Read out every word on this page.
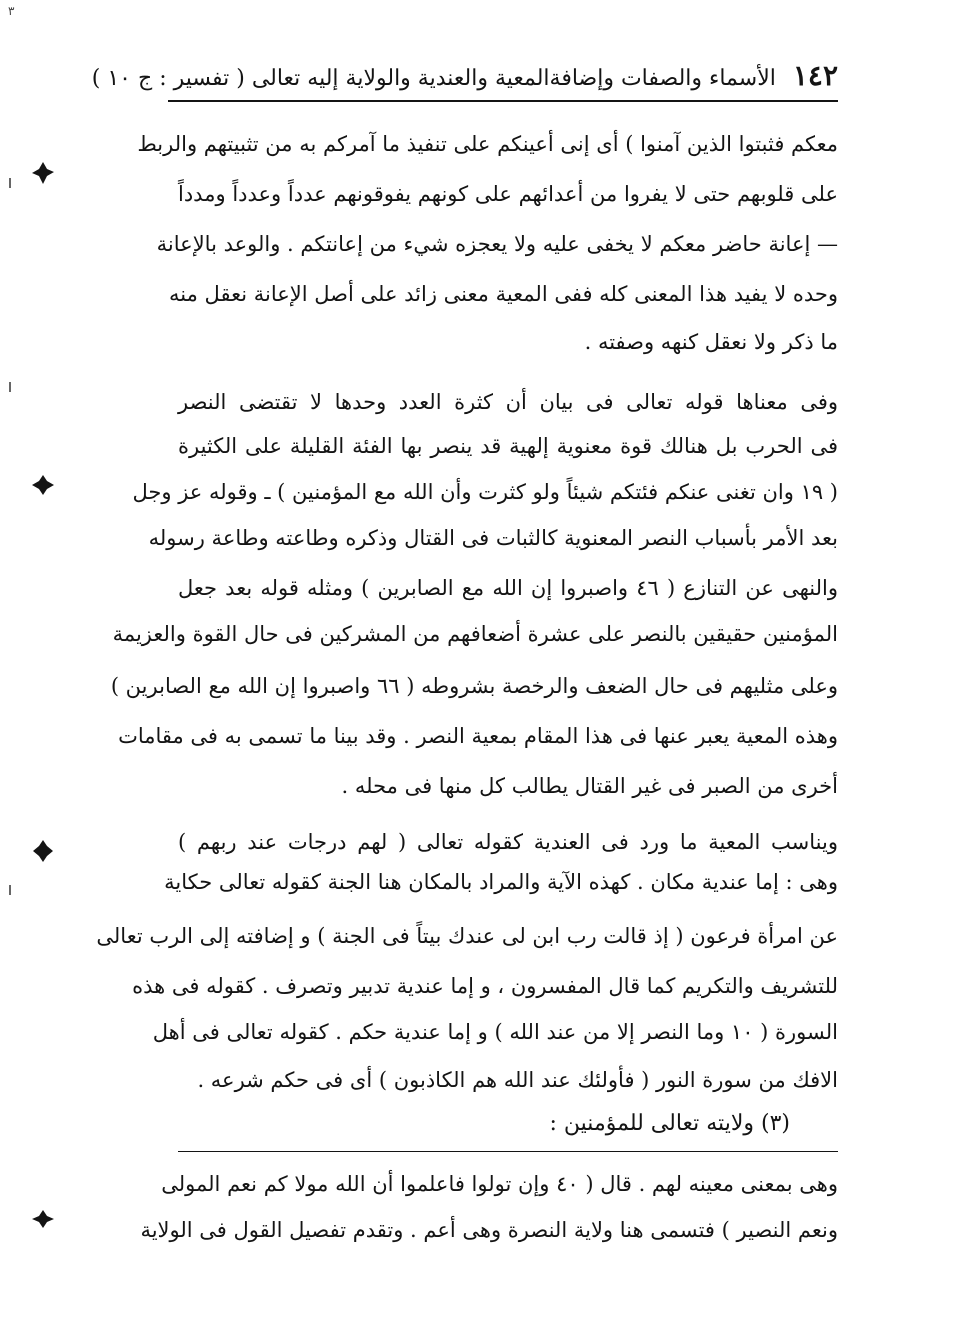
٣
١٤٢ الأسماء والصفات وإضافةالمعية والعندية والولاية إليه تعالى ( تفسير : ج ١٠ )
معكم فثبتوا الذين آمنوا ) أى إنى أعينكم على تنفيذ ما آمركم به من تثبيتهم والربط
على قلوبهم حتى لا يفروا من أعدائهم على كونهم يفوقونهم عدداً وعدداً ومدداً
— إعانة حاضر معكم لا يخفى عليه ولا يعجزه شيء من إعانتكم . والوعد بالإعانة
وحده لا يفيد هذا المعنى كله ففى المعية معنى زائد على أصل الإعانة نعقل منه
ما ذكر ولا نعقل كنهه وصفته .
وفى معناها قوله تعالى فى بيان أن كثرة العدد وحدها لا تقتضى النصر
فى الحرب بل هنالك قوة معنوية إلهية قد ينصر بها الفئة القليلة على الكثيرة
( ١٩ وان تغنى عنكم فئتكم شيئاً ولو كثرت وأن الله مع المؤمنين ) ـ وقوله عز وجل
بعد الأمر بأسباب النصر المعنوية كالثبات فى القتال وذكره وطاعته وطاعة رسوله
والنهى عن التنازع ( ٤٦ واصبروا إن الله مع الصابرين ) ومثله قوله بعد جعل
المؤمنين حقيقين بالنصر على عشرة أضعافهم من المشركين فى حال القوة والعزيمة
وعلى مثليهم فى حال الضعف والرخصة بشروطه ( ٦٦ واصبروا إن الله مع الصابرين )
وهذه المعية يعبر عنها فى هذا المقام بمعية النصر . وقد بينا ما تسمى به فى مقامات
أخرى من الصبر فى غير القتال يطالب كل منها فى محله .
ويناسب المعية ما ورد فى العندية كقوله تعالى ( لهم درجات عند ربهم )
وهى : إما عندية مكان . كهذه الآية والمراد بالمكان هنا الجنة كقوله تعالى حكاية
عن امرأة فرعون ( إذ قالت رب ابن لى عندك بيتاً فى الجنة ) و إضافته إلى الرب تعالى
للتشريف والتكريم كما قال المفسرون ، و إما عندية تدبير وتصرف . كقوله فى هذه
السورة ( ١٠ وما النصر إلا من عند الله ) و إما عندية حكم . كقوله تعالى فى أهل
الافك من سورة النور ( فأولئك عند الله هم الكاذبون ) أى فى حكم شرعه .
(٣) ولايته تعالى للمؤمنين :
وهى بمعنى معينه لهم . قال ( ٤٠ وإن تولوا فاعلموا أن الله مولا كم نعم المولى
ونعم النصير ) فتسمى هنا ولاية النصرة وهى أعم . وتقدم تفصيل القول فى الولاية
